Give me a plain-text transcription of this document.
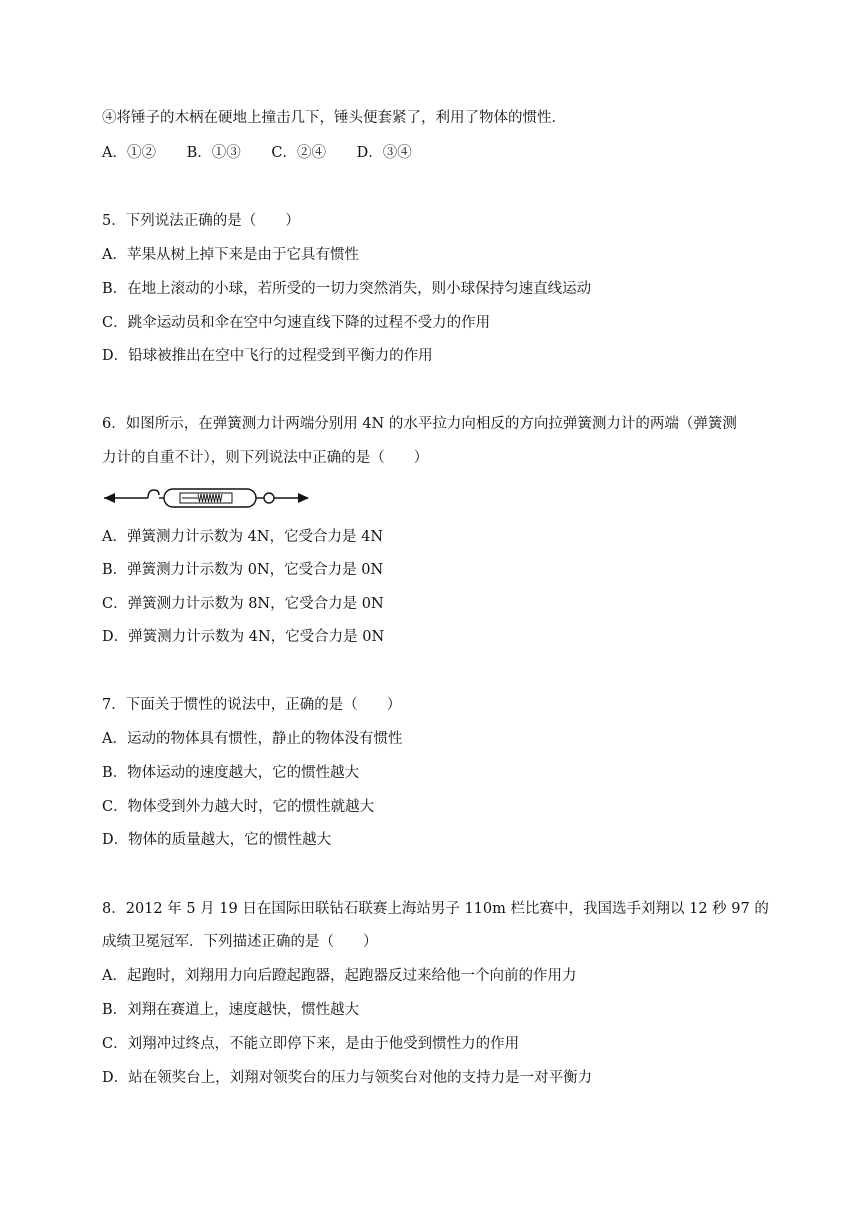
④将锤子的木柄在硬地上撞击几下，锤头便套紧了，利用了物体的惯性．
A．①② B．①③ C．②④ D．③④
5．下列说法正确的是（　　）
A．苹果从树上掉下来是由于它具有惯性
B．在地上滚动的小球，若所受的一切力突然消失，则小球保持匀速直线运动
C．跳伞运动员和伞在空中匀速直线下降的过程不受力的作用
D．铅球被推出在空中飞行的过程受到平衡力的作用
6．如图所示，在弹簧测力计两端分别用 4N 的水平拉力向相反的方向拉弹簧测力计的两端（弹簧测
力计的自重不计），则下列说法中正确的是（　　）
A．弹簧测力计示数为 4N，它受合力是 4N
B．弹簧测力计示数为 0N，它受合力是 0N
C．弹簧测力计示数为 8N，它受合力是 0N
D．弹簧测力计示数为 4N，它受合力是 0N
7．下面关于惯性的说法中，正确的是（　　）
A．运动的物体具有惯性，静止的物体没有惯性
B．物体运动的速度越大，它的惯性越大
C．物体受到外力越大时，它的惯性就越大
D．物体的质量越大，它的惯性越大
8．2012 年 5 月 19 日在国际田联钻石联赛上海站男子 110m 栏比赛中，我国选手刘翔以 12 秒 97 的
成绩卫冕冠军．下列描述正确的是（　　）
A．起跑时，刘翔用力向后蹬起跑器，起跑器反过来给他一个向前的作用力
B．刘翔在赛道上，速度越快，惯性越大
C．刘翔冲过终点，不能立即停下来，是由于他受到惯性力的作用
D．站在领奖台上，刘翔对领奖台的压力与领奖台对他的支持力是一对平衡力
